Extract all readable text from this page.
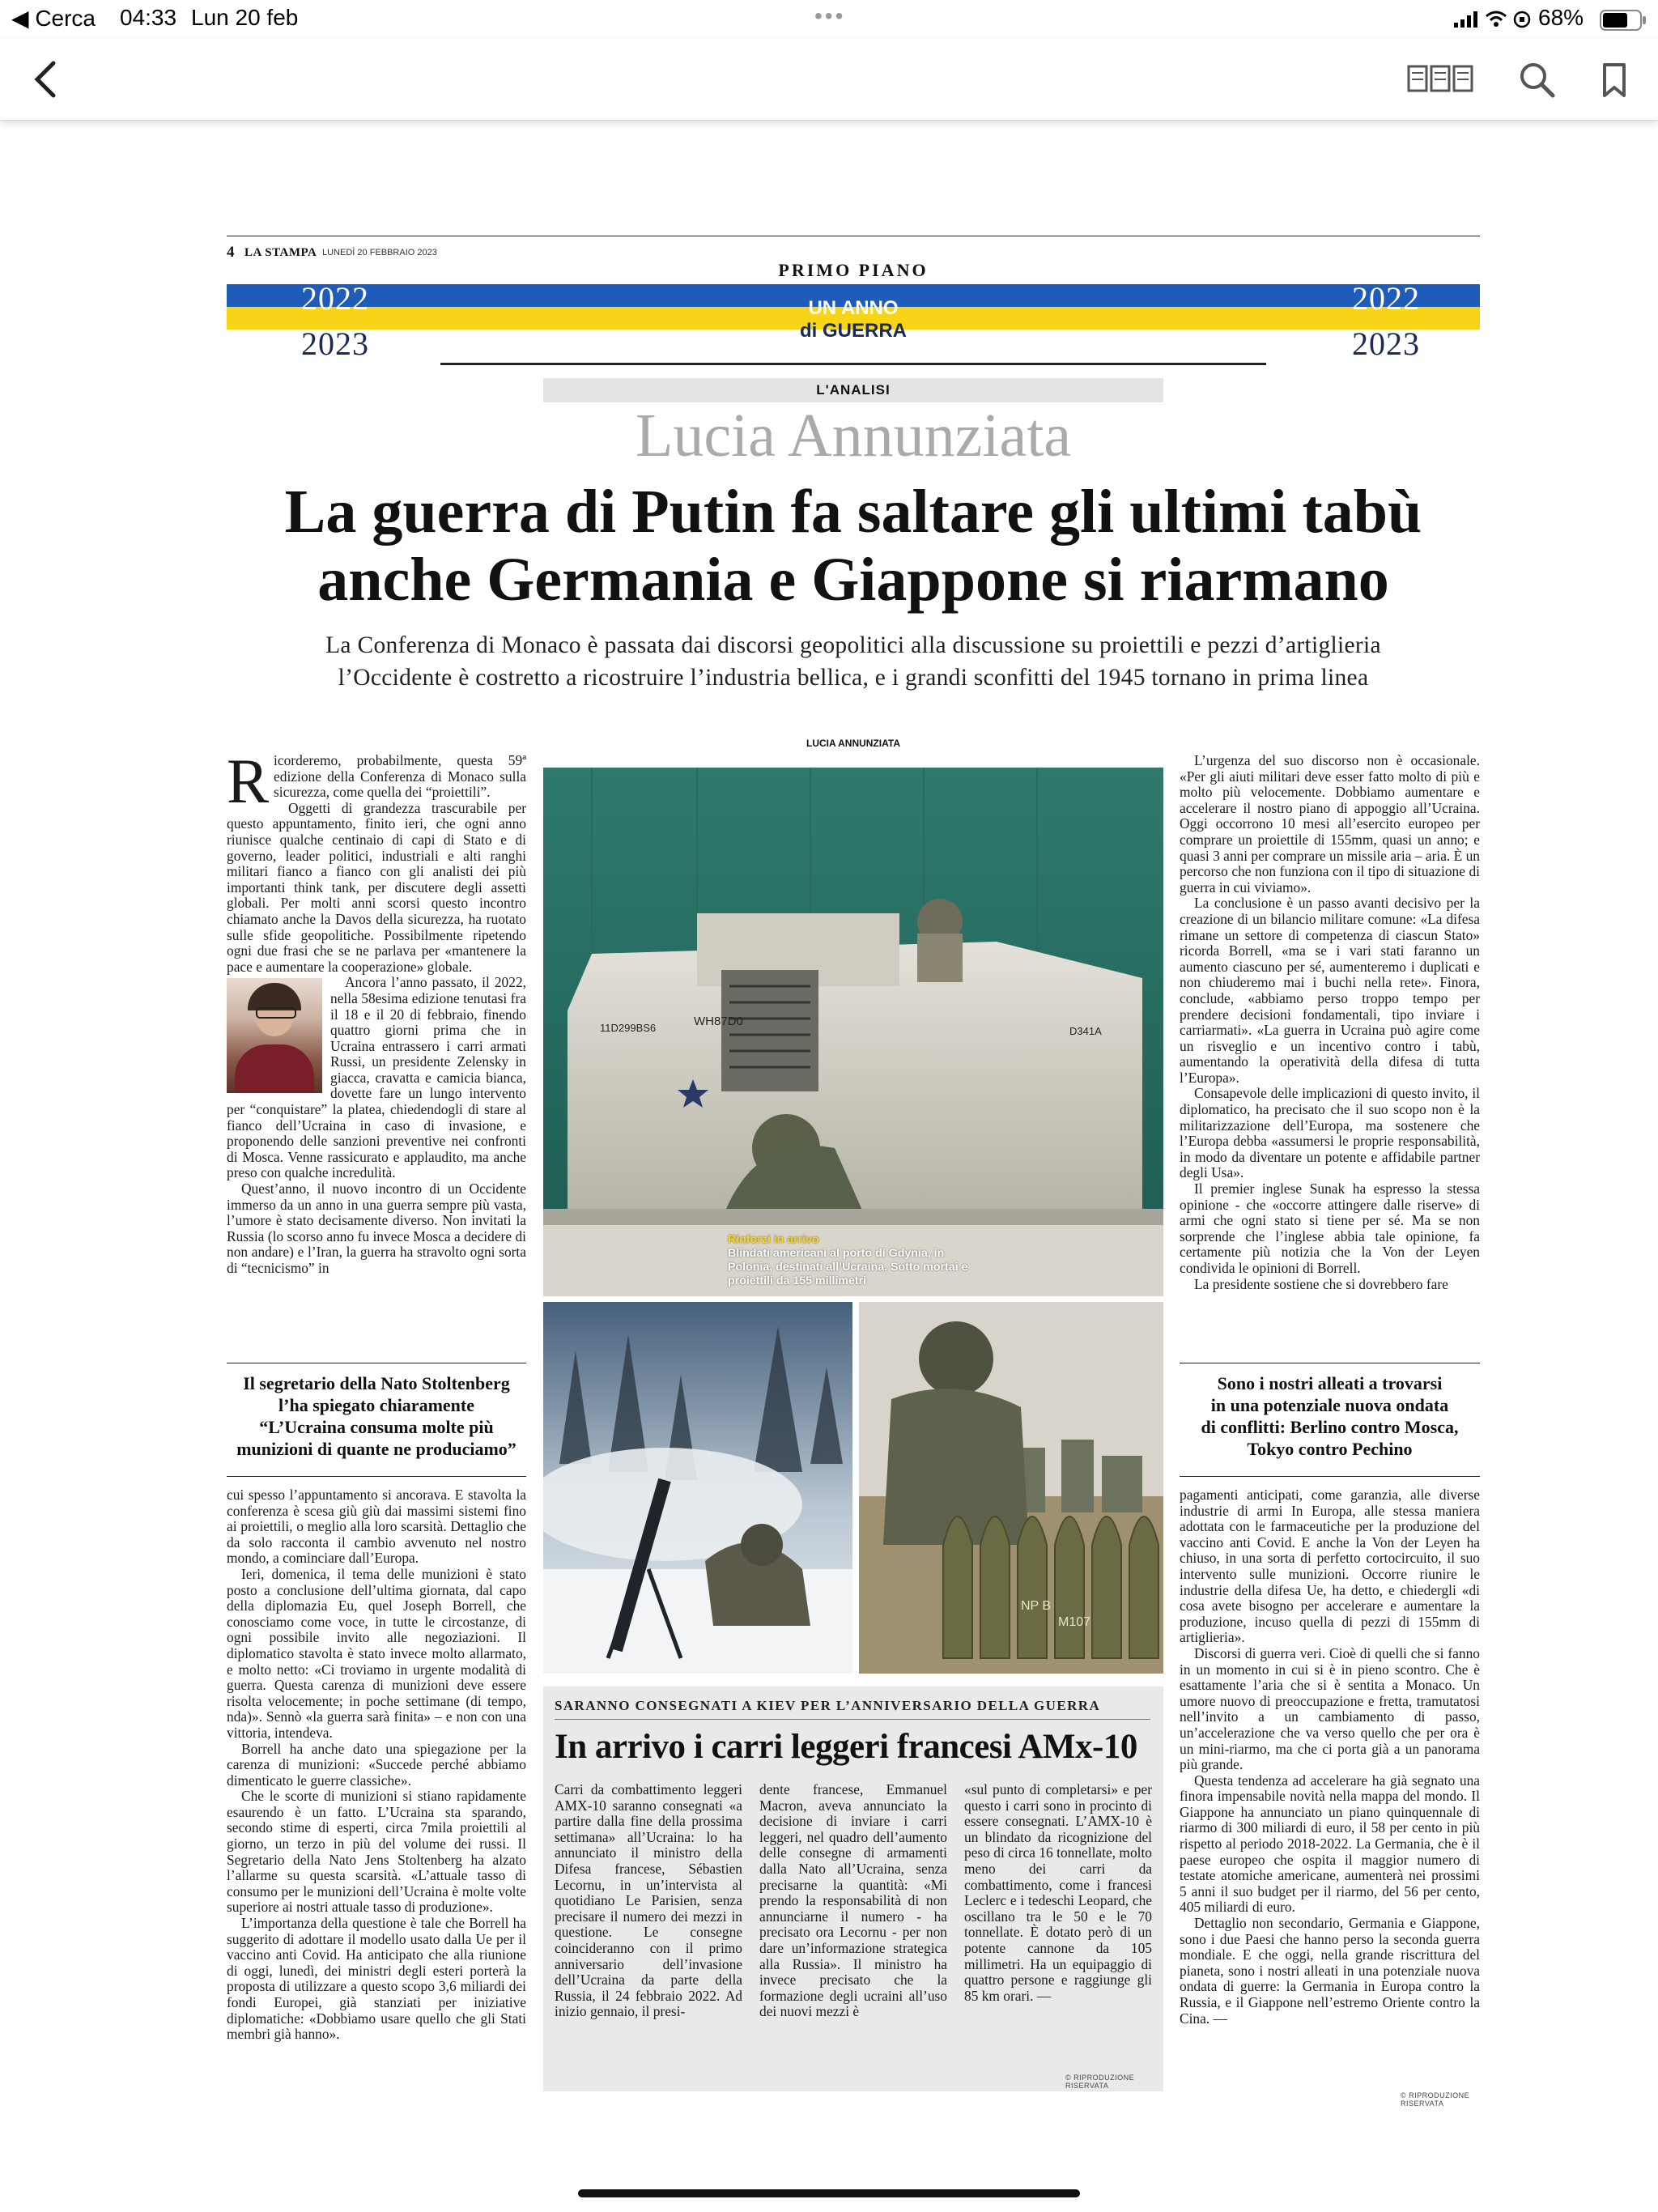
◀ Cerca 04:33 Lun 20 feb	•••	68%
4 LA STAMPA LUNEDÌ 20 FEBBRAIO 2023
PRIMO PIANO
2022
2023
2022
2023
UN ANNO
di GUERRA
L'ANALISI
Lucia Annunziata
La guerra di Putin fa saltare gli ultimi tabù
anche Germania e Giappone si riarmano
La Conferenza di Monaco è passata dai discorsi geopolitici alla discussione su proiettili e pezzi d’artiglieria
l’Occidente è costretto a ricostruire l’industria bellica, e i grandi sconfitti del 1945 tornano in prima linea
LUCIA ANNUNZIATA

Ricorderemo, probabilmente, questa 59ª edizione della Conferenza di Monaco sulla sicurezza, come quella dei “proiettili”.

Oggetti di grandezza trascurabile per questo appuntamento, finito ieri, che ogni anno riunisce qualche centinaio di capi di Stato e di governo, leader politici, industriali e alti ranghi militari fianco a fianco con gli analisti dei più importanti think tank, per discutere degli assetti globali. Per molti anni scorsi questo incontro chiamato anche la Davos della sicurezza, ha ruotato sulle sfide geopolitiche. Possibilmente ripetendo ogni due frasi che se ne parlava per «mantenere la pace e aumentare la cooperazione» globale.

Ancora l’anno passato, il 2022, nella 58esima edizione tenutasi fra il 18 e il 20 di febbraio, finendo quattro giorni prima che in Ucraina entrassero i carri armati Russi, un presidente Zelensky in giacca, cravatta e camicia bianca, dovette fare un lungo intervento per “conquistare” la platea, chiedendogli di stare al fianco dell’Ucraina in caso di invasione, e proponendo delle sanzioni preventive nei confronti di Mosca. Venne rassicurato e applaudito, ma anche preso con qualche incredulità.

Quest’anno, il nuovo incontro di un Occidente immerso da un anno in una guerra sempre più vasta, l’umore è stato decisamente diverso. Non invitati la Russia (lo scorso anno fu invece Mosca a decidere di non andare) e l’Iran, la guerra ha stravolto ogni sorta di “tecnicismo” in

Il segretario della Nato Stoltenberg
l’ha spiegato chiaramente
“L’Ucraina consuma molte più
munizioni di quante ne produciamo”

cui spesso l’appuntamento si ancorava. E stavolta la conferenza è scesa giù giù dai massimi sistemi fino ai proiettili, o meglio alla loro scarsità. Dettaglio che da solo racconta il cambio avvenuto nel nostro mondo, a cominciare dall’Europa.

Ieri, domenica, il tema delle munizioni è stato posto a conclusione dell’ultima giornata, dal capo della diplomazia Eu, quel Joseph Borrell, che conosciamo come voce, in tutte le circostanze, di ogni possibile invito alle negoziazioni. Il diplomatico stavolta è stato invece molto allarmato, e molto netto: «Ci troviamo in urgente modalità di guerra. Questa carenza di munizioni deve essere risolta velocemente; in poche settimane (di tempo, nda)». Sennò «la guerra sarà finita» – e non con una vittoria, intendeva.

Borrell ha anche dato una spiegazione per la carenza di munizioni: «Succede perché abbiamo dimenticato le guerre classiche».

Che le scorte di munizioni si stiano rapidamente esaurendo è un fatto. L’Ucraina sta sparando, secondo stime di esperti, circa 7mila proiettili al giorno, un terzo in più del volume dei russi. Il Segretario della Nato Jens Stoltenberg ha alzato l’allarme su questa scarsità. «L’attuale tasso di consumo per le munizioni dell’Ucraina è molte volte superiore ai nostri attuale tasso di produzione».

L’importanza della questione è tale che Borrell ha suggerito di adottare il modello usato dalla Ue per il vaccino anti Covid. Ha anticipato che alla riunione di oggi, lunedì, dei ministri degli esteri porterà la proposta di utilizzare a questo scopo 3,6 miliardi dei fondi Europei, già stanziati per iniziative diplomatiche: «Dobbiamo usare quello che gli Stati membri già hanno».

WH87D0
11D299BS6	D341A
Rinforzi in arrivo
Blindati americani al porto di Gdynia, in Polonia, destinati all’Ucraina. Sotto mortai e proiettili da 155 millimetri
NP B
M107

L’urgenza del suo discorso non è occasionale. «Per gli aiuti militari deve esser fatto molto di più e molto più velocemente. Dobbiamo aumentare e accelerare il nostro piano di appoggio all’Ucraina. Oggi occorrono 10 mesi all’esercito europeo per comprare un proiettile di 155mm, quasi un anno; e quasi 3 anni per comprare un missile aria – aria. È un percorso che non funziona con il tipo di situazione di guerra in cui viviamo».

La conclusione è un passo avanti decisivo per la creazione di un bilancio militare comune: «La difesa rimane un settore di competenza di ciascun Stato» ricorda Borrell, «ma se i vari stati faranno un aumento ciascuno per sé, aumenteremo i duplicati e non chiuderemo mai i buchi nella rete». Finora, conclude, «abbiamo perso troppo tempo per prendere decisioni fondamentali, tipo inviare i carriarmati». «La guerra in Ucraina può agire come un risveglio e un incentivo contro i tabù, aumentando la operatività della difesa di tutta l’Europa».

Consapevole delle implicazioni di questo invito, il diplomatico, ha precisato che il suo scopo non è la militarizzazione dell’Europa, ma sostenere che l’Europa debba «assumersi le proprie responsabilità, in modo da diventare un potente e affidabile partner degli Usa».

Il premier inglese Sunak ha espresso la stessa opinione - che «occorre attingere dalle riserve» di armi che ogni stato si tiene per sé. Ma se non sorprende che l’inglese abbia tale opinione, fa certamente più notizia che la Von der Leyen condivida le opinioni di Borrell.

La presidente sostiene che si dovrebbero fare

Sono i nostri alleati a trovarsi
in una potenziale nuova ondata
di conflitti: Berlino contro Mosca,
Tokyo contro Pechino

pagamenti anticipati, come garanzia, alle diverse industrie di armi In Europa, alle stessa maniera adottata con le farmaceutiche per la produzione del vaccino anti Covid. E anche la Von der Leyen ha chiuso, in una sorta di perfetto cortocircuito, il suo intervento sulle munizioni. Occorre riunire le industrie della difesa Ue, ha detto, e chiedergli «di cosa avete bisogno per accelerare e aumentare la produzione, incuso quella di pezzi di 155mm di artiglieria».

Discorsi di guerra veri. Cioè di quelli che si fanno in un momento in cui si è in pieno scontro. Che è esattamente l’aria che si è sentita a Monaco. Un umore nuovo di preoccupazione e fretta, tramutatosi nell’invito a un cambiamento di passo, un’accelerazione che va verso quello che per ora è un mini-riarmo, ma che ci porta già a un panorama più grande.

Questa tendenza ad accelerare ha già segnato una finora impensabile novità nella mappa del mondo. Il Giappone ha annunciato un piano quinquennale di riarmo di 300 miliardi di euro, il 58 per cento in più rispetto al periodo 2018-2022. La Germania, che è il paese europeo che ospita il maggior numero di testate atomiche americane, aumenterà nei prossimi 5 anni il suo budget per il riarmo, del 56 per cento, 405 miliardi di euro.

Dettaglio non secondario, Germania e Giappone, sono i due Paesi che hanno perso la seconda guerra mondiale. E che oggi, nella grande riscrittura del pianeta, sono i nostri alleati in una potenziale nuova ondata di guerre: la Germania in Europa contro la Russia, e il Giappone nell’estremo Oriente contro la Cina. —

© RIPRODUZIONE RISERVATA
SARANNO CONSEGNATI A KIEV PER L’ANNIVERSARIO DELLA GUERRA
In arrivo i carri leggeri francesi AMx-10
Carri da combattimento leggeri AMX-10 saranno consegnati «a partire dalla fine della prossima settimana» all’Ucraina: lo ha annunciato il ministro della Difesa francese, Sébastien Lecornu, in un’intervista al quotidiano Le Parisien, senza precisare il numero dei mezzi in questione. Le consegne coincideranno con il primo anniversario dell’invasione dell’Ucraina da parte della Russia, il 24 febbraio 2022. Ad inizio gennaio, il presi-
dente francese, Emmanuel Macron, aveva annunciato la decisione di inviare i carri leggeri, nel quadro dell’aumento delle consegne di armamenti dalla Nato all’Ucraina, senza precisarne la quantità: «Mi prendo la responsabilità di non annunciarne il numero - ha precisato ora Lecornu - per non dare un’informazione strategica alla Russia». Il ministro ha invece precisato che la formazione degli ucraini all’uso dei nuovi mezzi è
«sul punto di completarsi» e per questo i carri sono in procinto di essere consegnati. L’AMX-10 è un blindato da ricognizione del peso di circa 16 tonnellate, molto meno dei carri da combattimento, come i francesi Leclerc e i tedeschi Leopard, che oscillano tra le 50 e le 70 tonnellate. È dotato però di un potente cannone da 105 millimetri. Ha un equipaggio di quattro persone e raggiunge gli 85 km orari. —
© RIPRODUZIONE RISERVATA
